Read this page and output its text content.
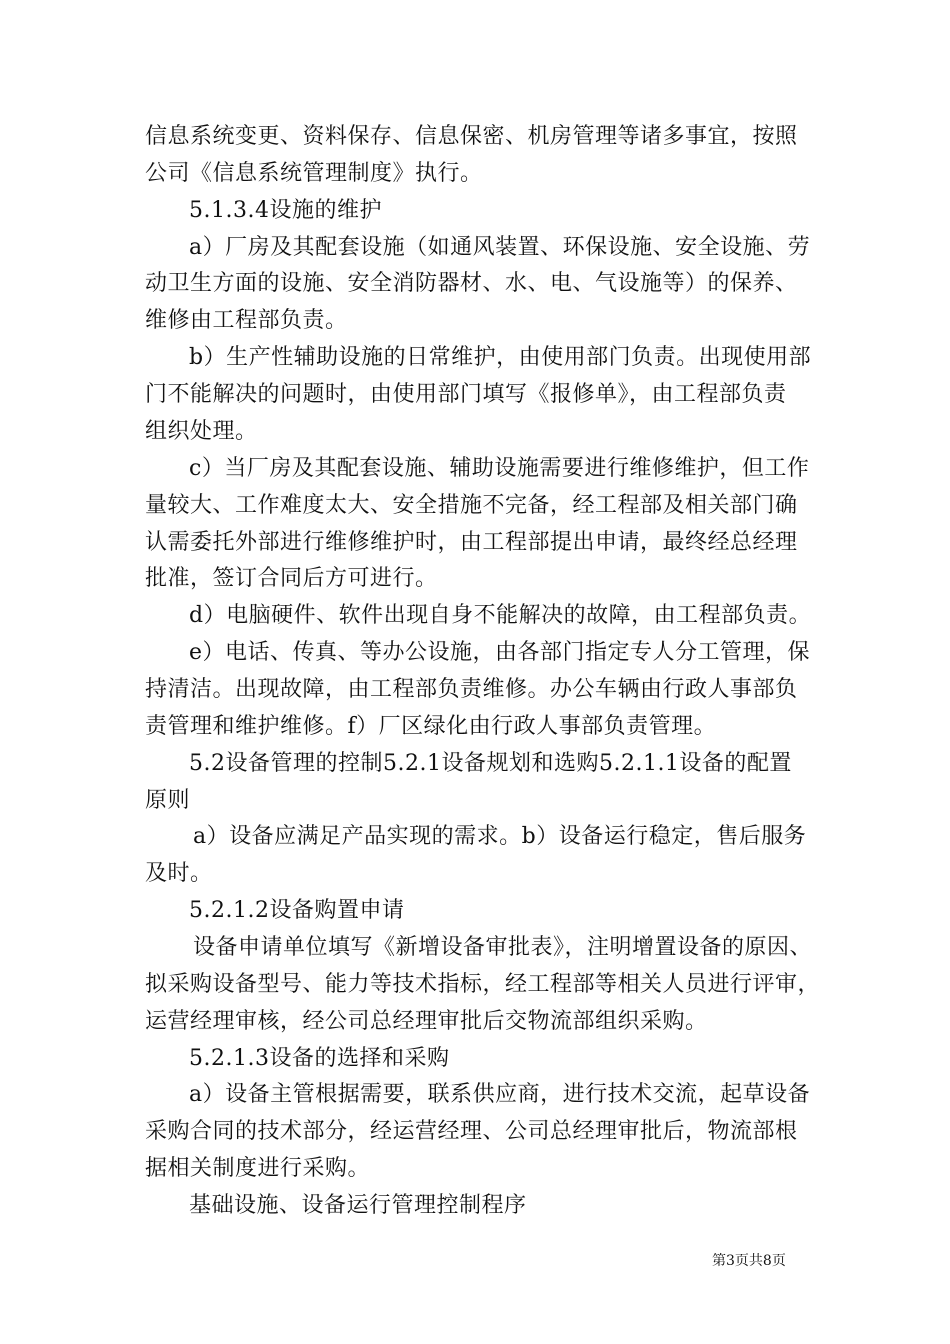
信息系统变更、资料保存、信息保密、机房管理等诸多事宜，按照
公司《信息系统管理制度》执行。
5.1.3.4设施的维护
a）厂房及其配套设施（如通风装置、环保设施、安全设施、劳
动卫生方面的设施、安全消防器材、水、电、气设施等）的保养、
维修由工程部负责。
b）生产性辅助设施的日常维护，由使用部门负责。出现使用部
门不能解决的问题时，由使用部门填写《报修单》，由工程部负责
组织处理。
c）当厂房及其配套设施、辅助设施需要进行维修维护，但工作
量较大、工作难度太大、安全措施不完备，经工程部及相关部门确
认需委托外部进行维修维护时，由工程部提出申请，最终经总经理
批准，签订合同后方可进行。
d）电脑硬件、软件出现自身不能解决的故障，由工程部负责。
e）电话、传真、等办公设施，由各部门指定专人分工管理，保
持清洁。出现故障，由工程部负责维修。办公车辆由行政人事部负
责管理和维护维修。f）厂区绿化由行政人事部负责管理。
5.2设备管理的控制5.2.1设备规划和选购5.2.1.1设备的配置
原则
a）设备应满足产品实现的需求。b）设备运行稳定，售后服务
及时。
5.2.1.2设备购置申请
设备申请单位填写《新增设备审批表》，注明增置设备的原因、
拟采购设备型号、能力等技术指标，经工程部等相关人员进行评审，
运营经理审核，经公司总经理审批后交物流部组织采购。
5.2.1.3设备的选择和采购
a）设备主管根据需要，联系供应商，进行技术交流，起草设备
采购合同的技术部分，经运营经理、公司总经理审批后，物流部根
据相关制度进行采购。
基础设施、设备运行管理控制程序
第3页共8页
